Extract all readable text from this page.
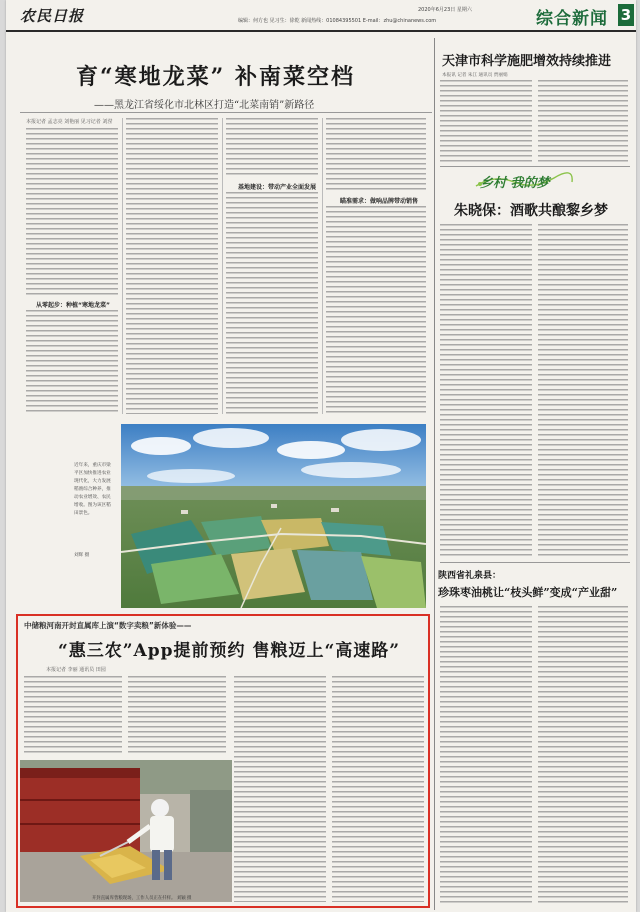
农民日报	编辑：何方也 见习生：徐乾 新闻热线：01084395501 E-mail：zhu@chinanews.com
2020年6月23日 星期六	综合新闻 3
育“寒地龙菜” 补南菜空档
——黑龙江省绥化市北林区打造“北菜南销”新路径
本报记者 孟志亮 刘艳丽 见习记者 刘滢
从零起步：种植“寒地龙菜”
基地建设：带动产业全面发展
瞄准需求：做响品牌带动销售
近年来，重庆市梁平区加快推进农业现代化，大力发展稻渔综合种养，推动农业增效、农民增收。图为该区稻田景色。
刘辉 摄
天津市科学施肥增效持续推进
本报讯 记者 朱江 通讯员 贾丽娟
乡村 我的梦
朱晓保：酒歌共酿黎乡梦
陕西省礼泉县：
珍珠枣油桃让“枝头鲜”变成“产业甜”
中储粮河南开封直属库上演“数字卖粮”新体验——
“惠三农”App提前预约 售粮迈上“高速路”
本报记者 李丽 通讯员 田园
开封直属库售粮现场，工作人员正在扦样。 刘颖 摄
